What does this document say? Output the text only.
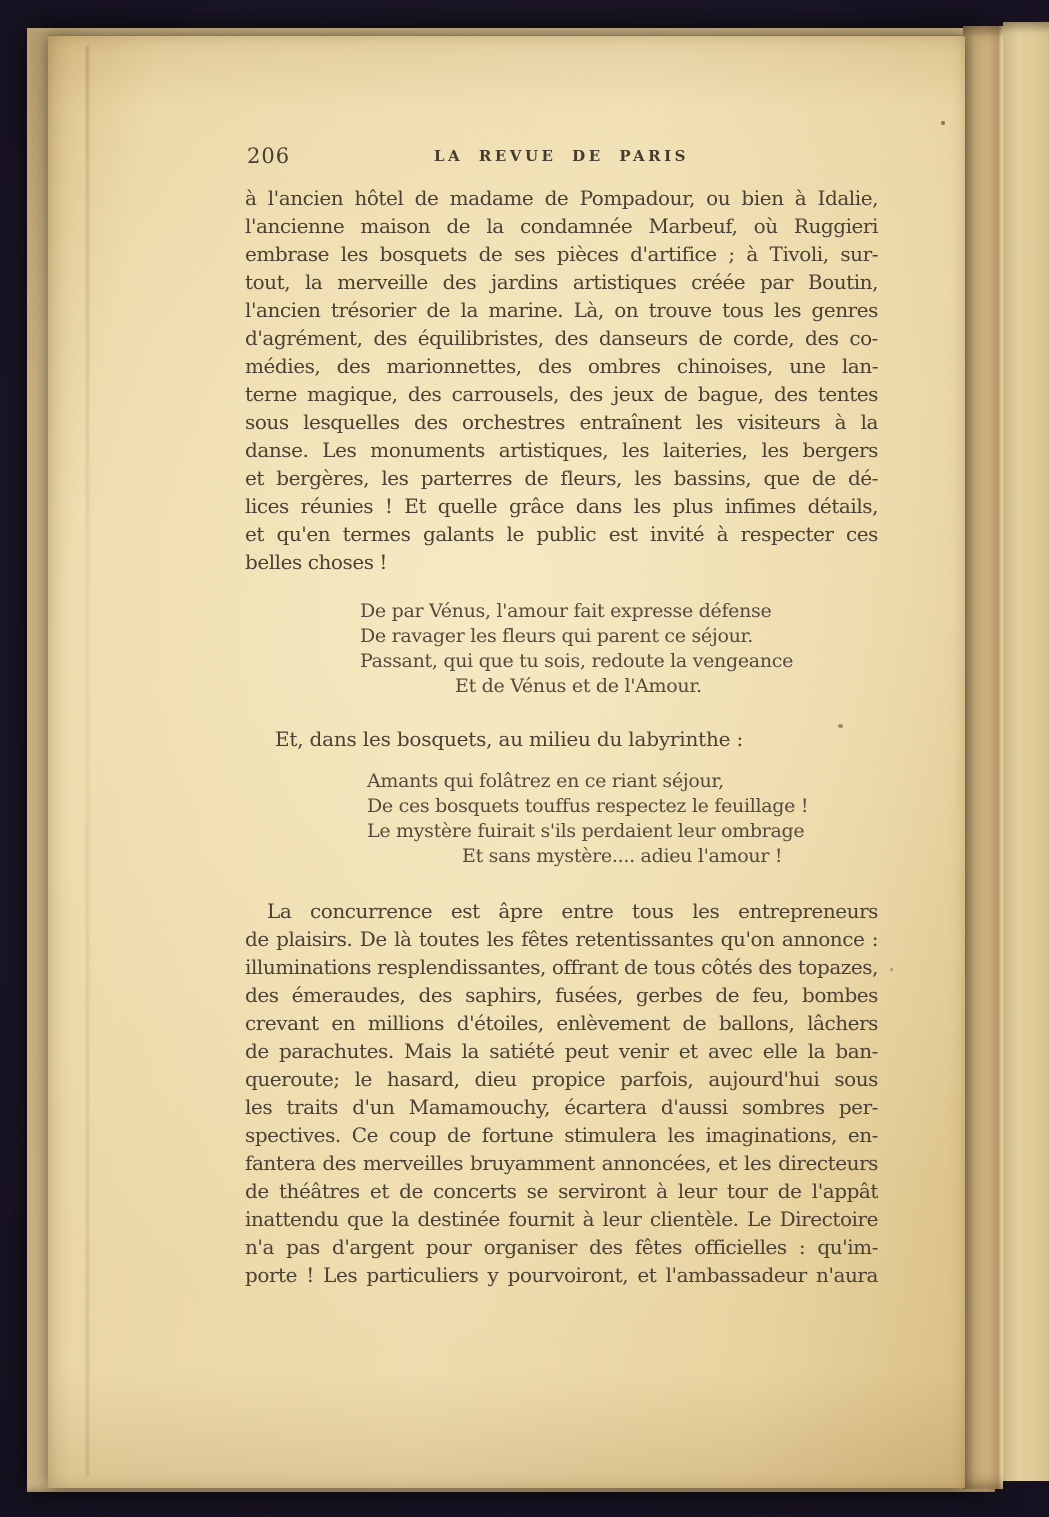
206	LA REVUE DE PARIS
à l'ancien hôtel de madame de Pompadour, ou bien à Idalie,
l'ancienne maison de la condamnée Marbeuf, où Ruggieri
embrase les bosquets de ses pièces d'artifice ; à Tivoli, sur-
tout, la merveille des jardins artistiques créée par Boutin,
l'ancien trésorier de la marine. Là, on trouve tous les genres
d'agrément, des équilibristes, des danseurs de corde, des co-
médies, des marionnettes, des ombres chinoises, une lan-
terne magique, des carrousels, des jeux de bague, des tentes
sous lesquelles des orchestres entraînent les visiteurs à la
danse. Les monuments artistiques, les laiteries, les bergers
et bergères, les parterres de fleurs, les bassins, que de dé-
lices réunies ! Et quelle grâce dans les plus infimes détails,
et qu'en termes galants le public est invité à respecter ces
belles choses !
De par Vénus, l'amour fait expresse défense
De ravager les fleurs qui parent ce séjour.
Passant, qui que tu sois, redoute la vengeance
Et de Vénus et de l'Amour.
Et, dans les bosquets, au milieu du labyrinthe :
Amants qui folâtrez en ce riant séjour,
De ces bosquets touffus respectez le feuillage !
Le mystère fuirait s'ils perdaient leur ombrage
Et sans mystère.... adieu l'amour !
La concurrence est âpre entre tous les entrepreneurs
de plaisirs. De là toutes les fêtes retentissantes qu'on annonce :
illuminations resplendissantes, offrant de tous côtés des topazes,
des émeraudes, des saphirs, fusées, gerbes de feu, bombes
crevant en millions d'étoiles, enlèvement de ballons, lâchers
de parachutes. Mais la satiété peut venir et avec elle la ban-
queroute; le hasard, dieu propice parfois, aujourd'hui sous
les traits d'un Mamamouchy, écartera d'aussi sombres per-
spectives. Ce coup de fortune stimulera les imaginations, en-
fantera des merveilles bruyamment annoncées, et les directeurs
de théâtres et de concerts se serviront à leur tour de l'appât
inattendu que la destinée fournit à leur clientèle. Le Directoire
n'a pas d'argent pour organiser des fêtes officielles : qu'im-
porte ! Les particuliers y pourvoiront, et l'ambassadeur n'aura
